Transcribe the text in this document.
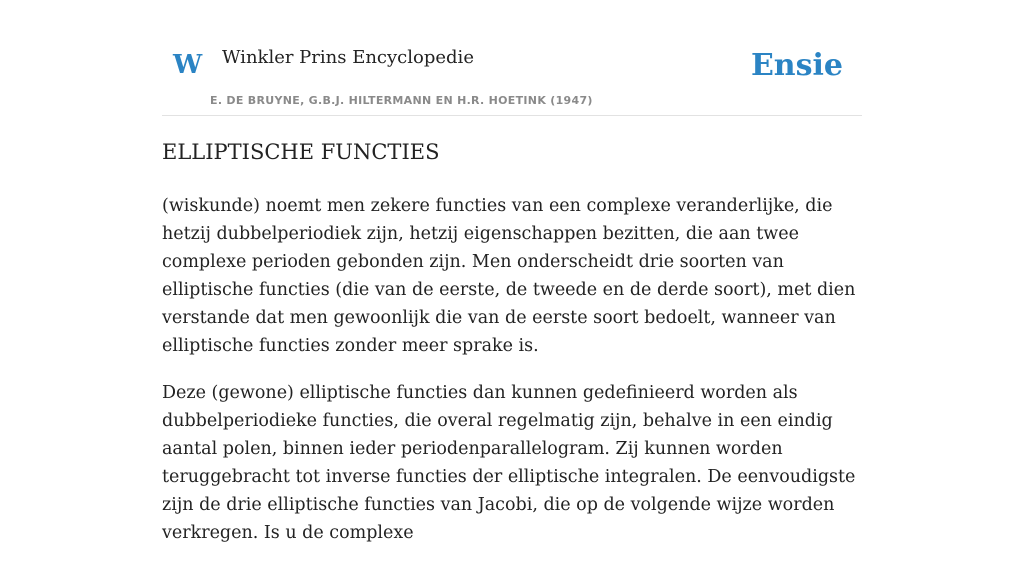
W Winkler Prins Encyclopedie
E. DE BRUYNE, G.B.J. HILTERMANN EN H.R. HOETINK (1947)
Ensie
ELLIPTISCHE FUNCTIES

(wiskunde) noemt men zekere functies van een complexe veranderlijke, die hetzij dubbelperiodiek zijn, hetzij eigenschappen bezitten, die aan twee complexe perioden gebonden zijn. Men onderscheidt drie soorten van elliptische functies (die van de eerste, de tweede en de derde soort), met dien verstande dat men gewoonlijk die van de eerste soort bedoelt, wanneer van elliptische functies zonder meer sprake is.

Deze (gewone) elliptische functies dan kunnen gedefinieerd worden als dubbelperiodieke functies, die overal regelmatig zijn, behalve in een eindig aantal polen, binnen ieder periodenparallelogram. Zij kunnen worden teruggebracht tot inverse functies der elliptische integralen. De eenvoudigste zijn de drie elliptische functies van Jacobi, die op de volgende wijze worden verkregen. Is u de complexe
